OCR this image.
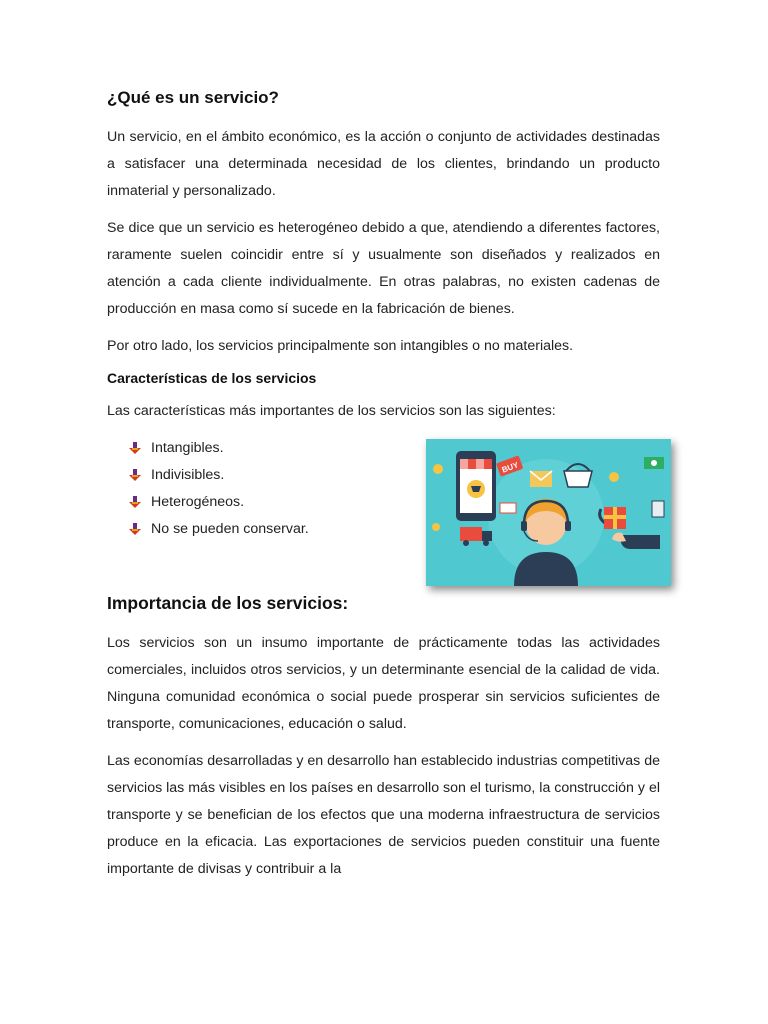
¿Qué es un servicio?

Un servicio, en el ámbito económico, es la acción o conjunto de actividades destinadas a satisfacer una determinada necesidad de los clientes, brindando un producto inmaterial y personalizado.

Se dice que un servicio es heterogéneo debido a que, atendiendo a diferentes factores, raramente suelen coincidir entre sí y usualmente son diseñados y realizados en atención a cada cliente individualmente. En otras palabras, no existen cadenas de producción en masa como sí sucede en la fabricación de bienes.

Por otro lado, los servicios principalmente son intangibles o no materiales.

Características de los servicios

Las características más importantes de los servicios son las siguientes:

Intangibles.
Indivisibles.
Heterogéneos.
No se pueden conservar.
BUY
Importancia de los servicios:

Los servicios son un insumo importante de prácticamente todas las actividades comerciales, incluidos otros servicios, y un determinante esencial de la calidad de vida. Ninguna comunidad económica o social puede prosperar sin servicios suficientes de transporte, comunicaciones, educación o salud.

Las economías desarrolladas y en desarrollo han establecido industrias competitivas de servicios las más visibles en los países en desarrollo son el turismo, la construcción y el transporte y se benefician de los efectos que una moderna infraestructura de servicios produce en la eficacia. Las exportaciones de servicios pueden constituir una fuente importante de divisas y contribuir a la
